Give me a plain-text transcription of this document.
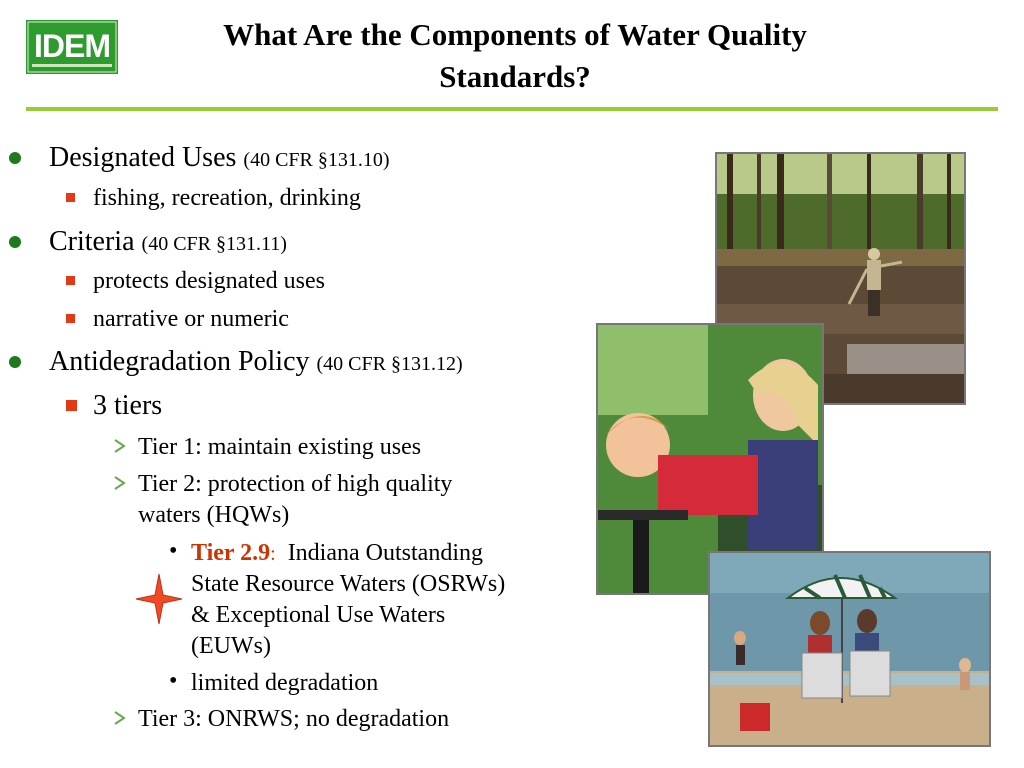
IDEM	What Are the Components of Water Quality
Standards?
Designated Uses (40 CFR §131.10)
fishing, recreation, drinking
Criteria (40 CFR §131.11)
protects designated uses
narrative or numeric
Antidegradation Policy (40 CFR §131.12)
3 tiers
Tier 1: maintain existing uses
Tier 2: protection of high quality
waters (HQWs)
• Tier 2.9: Indiana Outstanding
State Resource Waters (OSRWs)
& Exceptional Use Waters
(EUWs)
• limited degradation
Tier 3: ONRWS; no degradation
